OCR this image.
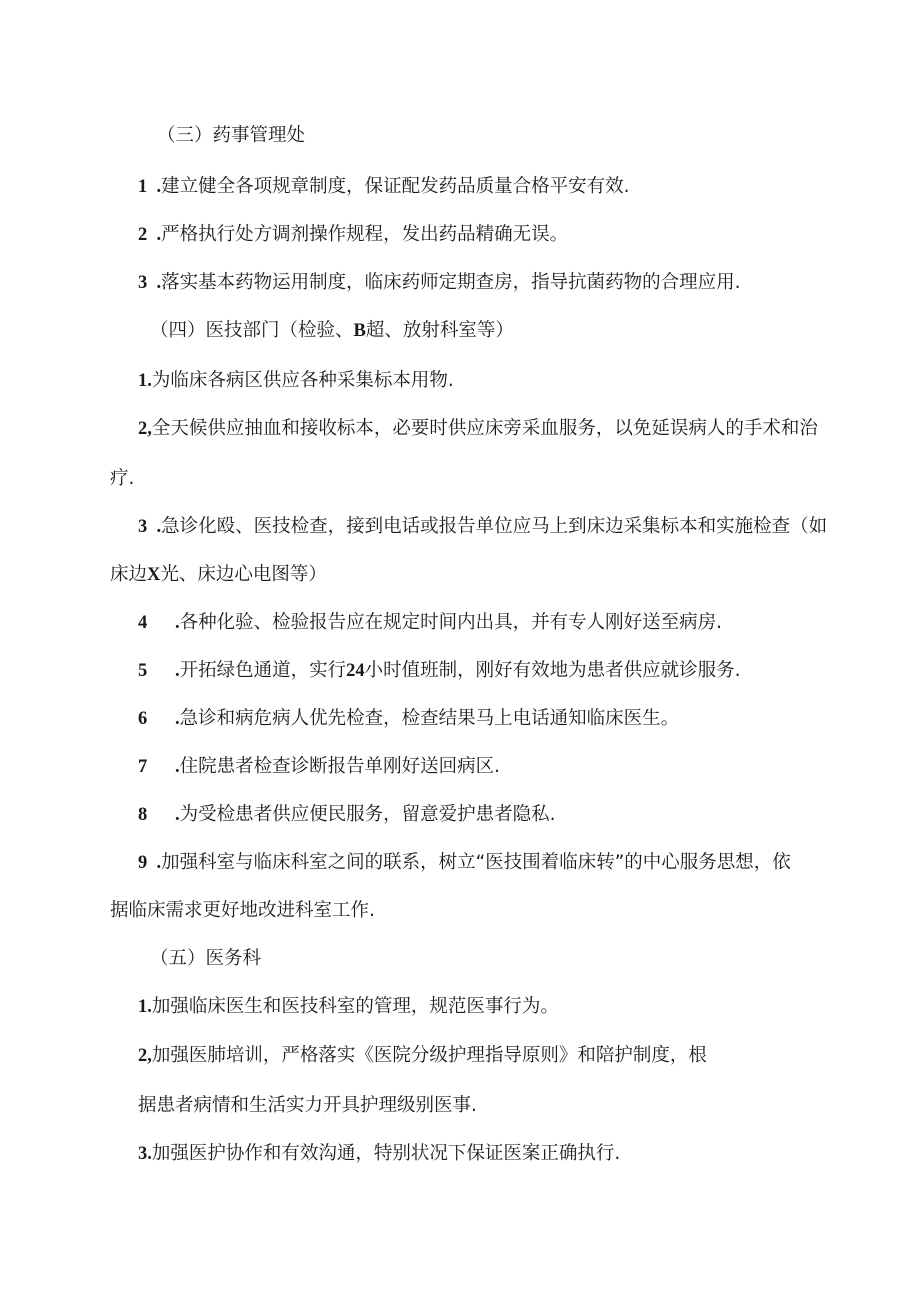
（三）药事管理处
1  .建立健全各项规章制度，保证配发药品质量合格平安有效.
2  .严格执行处方调剂操作规程，发出药品精确无误。
3  .落实基本药物运用制度，临床药师定期查房，指导抗菌药物的合理应用.
（四）医技部门（检验、B超、放射科室等）
1.为临床各病区供应各种采集标本用物.
2,全天候供应抽血和接收标本，必要时供应床旁采血服务，以免延误病人的手术和治
疗.
3  .急诊化殴、医技检查，接到电话或报告单位应马上到床边采集标本和实施检查（如
床边X光、床边心电图等）
4      .各种化验、检验报告应在规定时间内出具，并有专人刚好送至病房.
5      .开拓绿色通道，实行24小时值班制，刚好有效地为患者供应就诊服务.
6      .急诊和病危病人优先检查，检查结果马上电话通知临床医生。
7      .住院患者检查诊断报告单刚好送回病区.
8      .为受检患者供应便民服务，留意爱护患者隐私.
9  .加强科室与临床科室之间的联系，树立“医技围着临床转”的中心服务思想，依
据临床需求更好地改进科室工作.
（五）医务科
1.加强临床医生和医技科室的管理，规范医事行为。
2,加强医肺培训，严格落实《医院分级护理指导原则》和陪护制度，根
据患者病情和生活实力开具护理级别医事.
3.加强医护协作和有效沟通，特别状况下保证医案正确执行.
